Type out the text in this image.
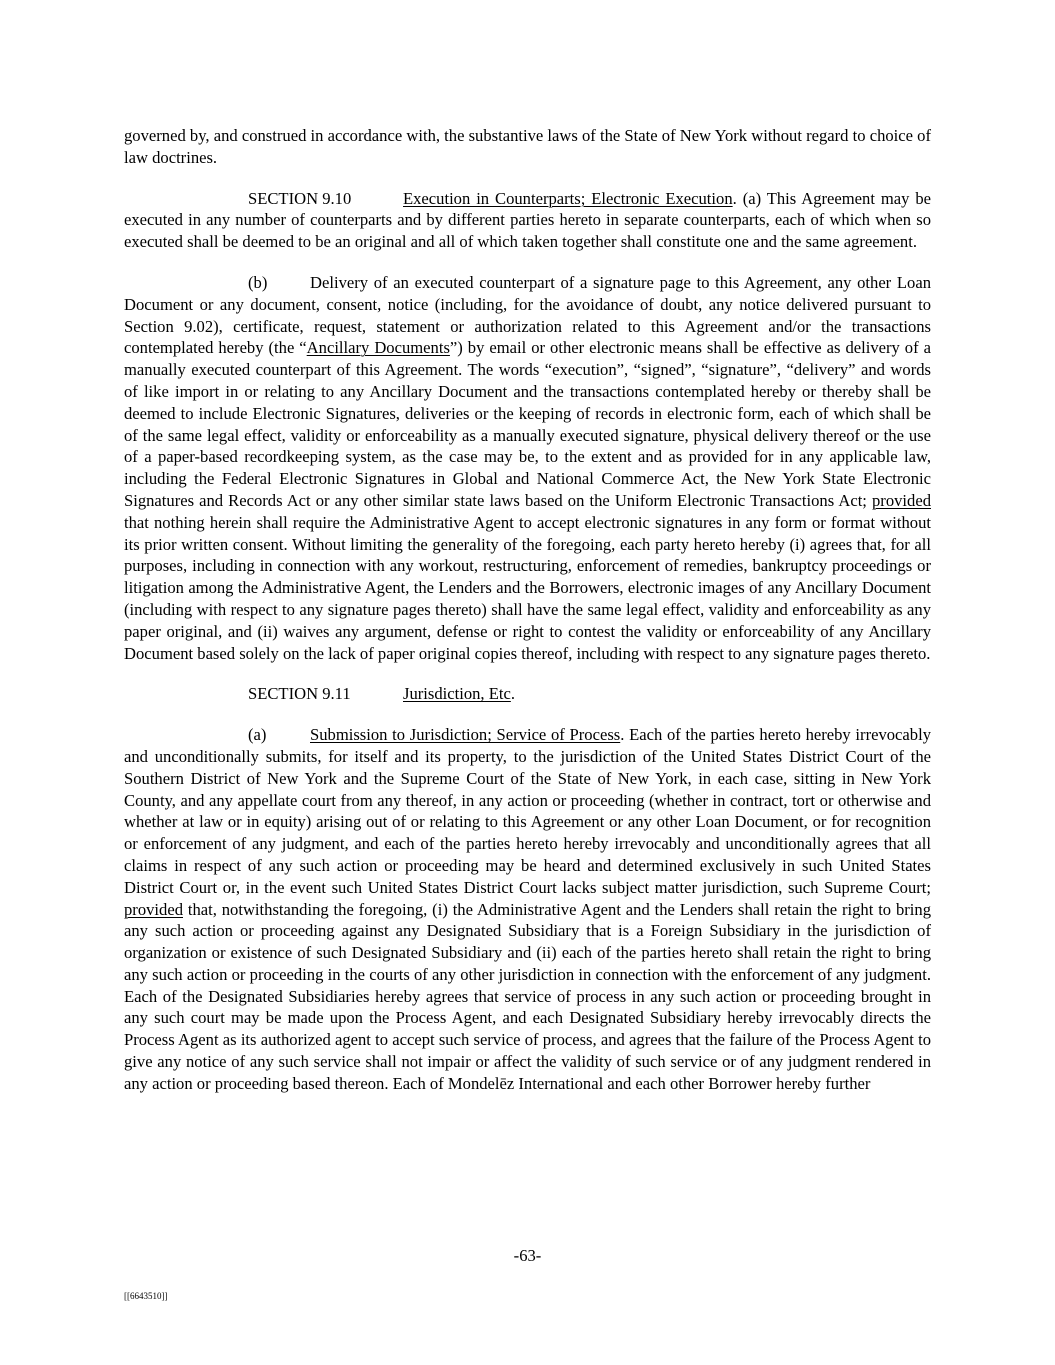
governed by, and construed in accordance with, the substantive laws of the State of New York without regard to choice of law doctrines.

SECTION 9.10	Execution in Counterparts; Electronic Execution. (a) This Agreement may be executed in any number of counterparts and by different parties hereto in separate counterparts, each of which when so executed shall be deemed to be an original and all of which taken together shall constitute one and the same agreement.

(b)	Delivery of an executed counterpart of a signature page to this Agreement, any other Loan Document or any document, consent, notice (including, for the avoidance of doubt, any notice delivered pursuant to Section 9.02), certificate, request, statement or authorization related to this Agreement and/or the transactions contemplated hereby (the “Ancillary Documents”) by email or other electronic means shall be effective as delivery of a manually executed counterpart of this Agreement. The words “execution”, “signed”, “signature”, “delivery” and words of like import in or relating to any Ancillary Document and the transactions contemplated hereby or thereby shall be deemed to include Electronic Signatures, deliveries or the keeping of records in electronic form, each of which shall be of the same legal effect, validity or enforceability as a manually executed signature, physical delivery thereof or the use of a paper-based recordkeeping system, as the case may be, to the extent and as provided for in any applicable law, including the Federal Electronic Signatures in Global and National Commerce Act, the New York State Electronic Signatures and Records Act or any other similar state laws based on the Uniform Electronic Transactions Act; provided that nothing herein shall require the Administrative Agent to accept electronic signatures in any form or format without its prior written consent. Without limiting the generality of the foregoing, each party hereto hereby (i) agrees that, for all purposes, including in connection with any workout, restructuring, enforcement of remedies, bankruptcy proceedings or litigation among the Administrative Agent, the Lenders and the Borrowers, electronic images of any Ancillary Document (including with respect to any signature pages thereto) shall have the same legal effect, validity and enforceability as any paper original, and (ii) waives any argument, defense or right to contest the validity or enforceability of any Ancillary Document based solely on the lack of paper original copies thereof, including with respect to any signature pages thereto.

SECTION 9.11	Jurisdiction, Etc.

(a)	Submission to Jurisdiction; Service of Process. Each of the parties hereto hereby irrevocably and unconditionally submits, for itself and its property, to the jurisdiction of the United States District Court of the Southern District of New York and the Supreme Court of the State of New York, in each case, sitting in New York County, and any appellate court from any thereof, in any action or proceeding (whether in contract, tort or otherwise and whether at law or in equity) arising out of or relating to this Agreement or any other Loan Document, or for recognition or enforcement of any judgment, and each of the parties hereto hereby irrevocably and unconditionally agrees that all claims in respect of any such action or proceeding may be heard and determined exclusively in such United States District Court or, in the event such United States District Court lacks subject matter jurisdiction, such Supreme Court; provided that, notwithstanding the foregoing, (i) the Administrative Agent and the Lenders shall retain the right to bring any such action or proceeding against any Designated Subsidiary that is a Foreign Subsidiary in the jurisdiction of organization or existence of such Designated Subsidiary and (ii) each of the parties hereto shall retain the right to bring any such action or proceeding in the courts of any other jurisdiction in connection with the enforcement of any judgment. Each of the Designated Subsidiaries hereby agrees that service of process in any such action or proceeding brought in any such court may be made upon the Process Agent, and each Designated Subsidiary hereby irrevocably directs the Process Agent as its authorized agent to accept such service of process, and agrees that the failure of the Process Agent to give any notice of any such service shall not impair or affect the validity of such service or of any judgment rendered in any action or proceeding based thereon. Each of Mondelēz International and each other Borrower hereby further

-63-
[[6643510]]
